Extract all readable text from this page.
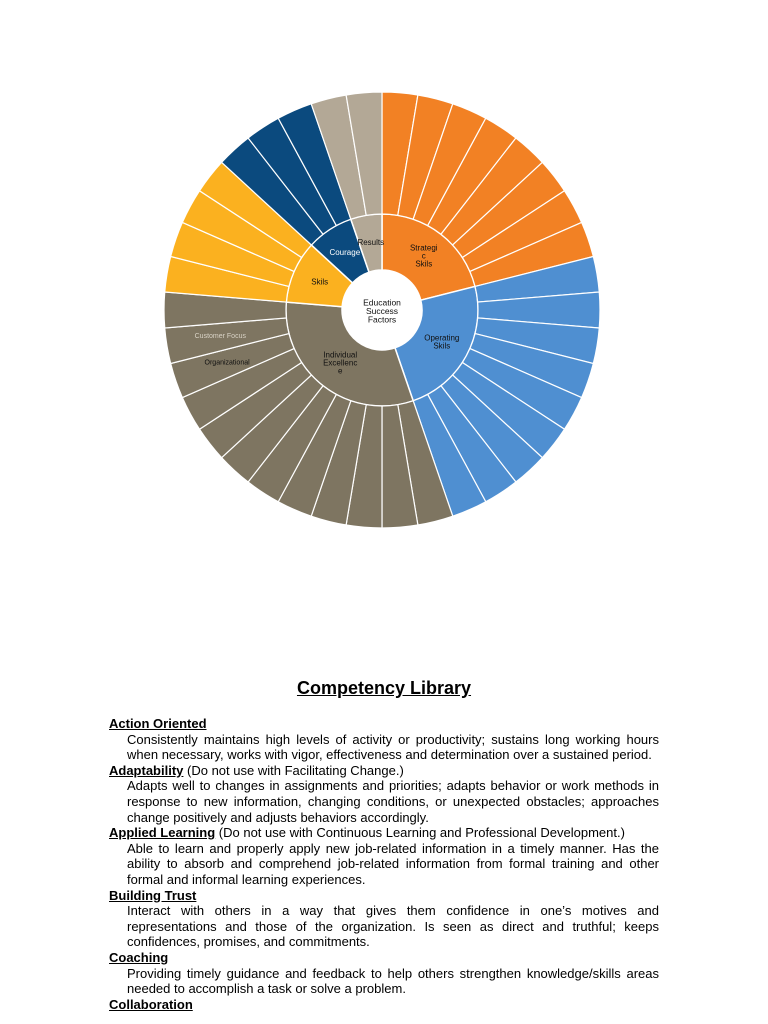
Strategi c Skils
Operating Skils
Individual Excellenc e
Skils
Courage
Results
Education Success Factors
Organizational
Customer Focus
Competency Library
Action Oriented
Consistently maintains high levels of activity or productivity; sustains long working hours when necessary, works with vigor, effectiveness and determination over a sustained period.
Adaptability (Do not use with Facilitating Change.)
Adapts well to changes in assignments and priorities; adapts behavior or work methods in response to new information, changing conditions, or unexpected obstacles; approaches change positively and adjusts behaviors accordingly.
Applied Learning (Do not use with Continuous Learning and Professional Development.)
Able to learn and properly apply new job-related information in a timely manner. Has the ability to absorb and comprehend job-related information from formal training and other formal and informal learning experiences.
Building Trust
Interact with others in a way that gives them confidence in one’s motives and representations and those of the organization. Is seen as direct and truthful; keeps confidences, promises, and commitments.
Coaching
Providing timely guidance and feedback to help others strengthen knowledge/skills areas needed to accomplish a task or solve a problem.
Collaboration
